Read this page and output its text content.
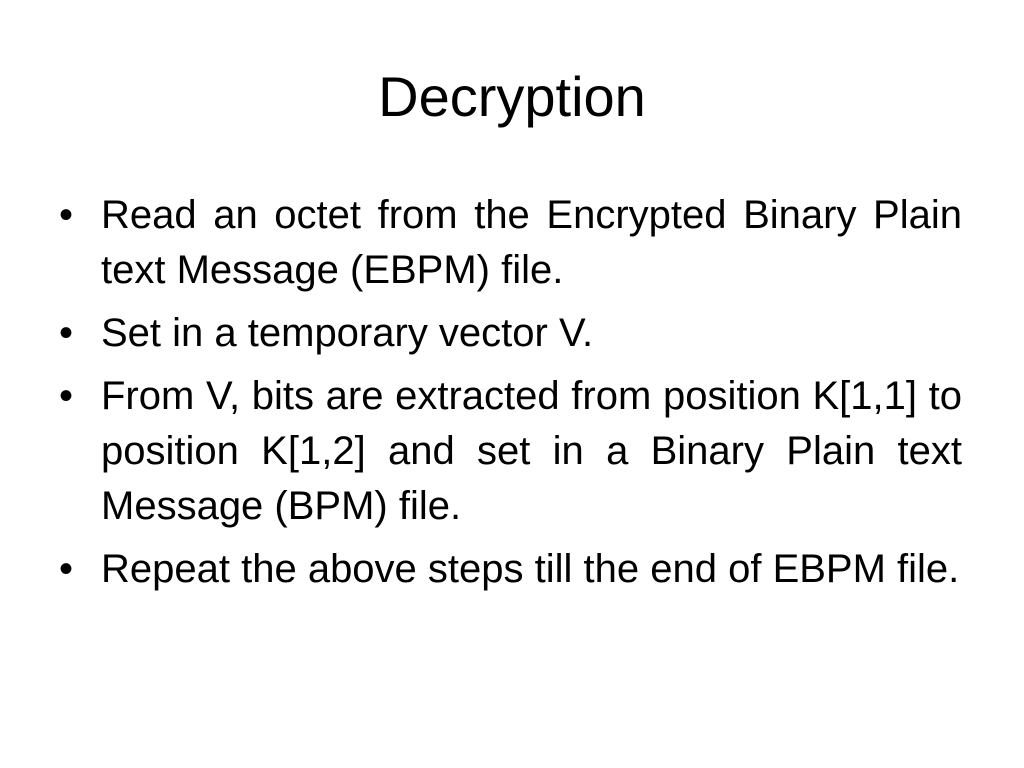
Decryption
• Read an octet from the Encrypted Binary Plain text Message (EBPM) file.
• Set in a temporary vector V.
• From V, bits are extracted from position K[1,1] to position K[1,2] and set in a Binary Plain text Message (BPM) file.
• Repeat the above steps till the end of EBPM file.
